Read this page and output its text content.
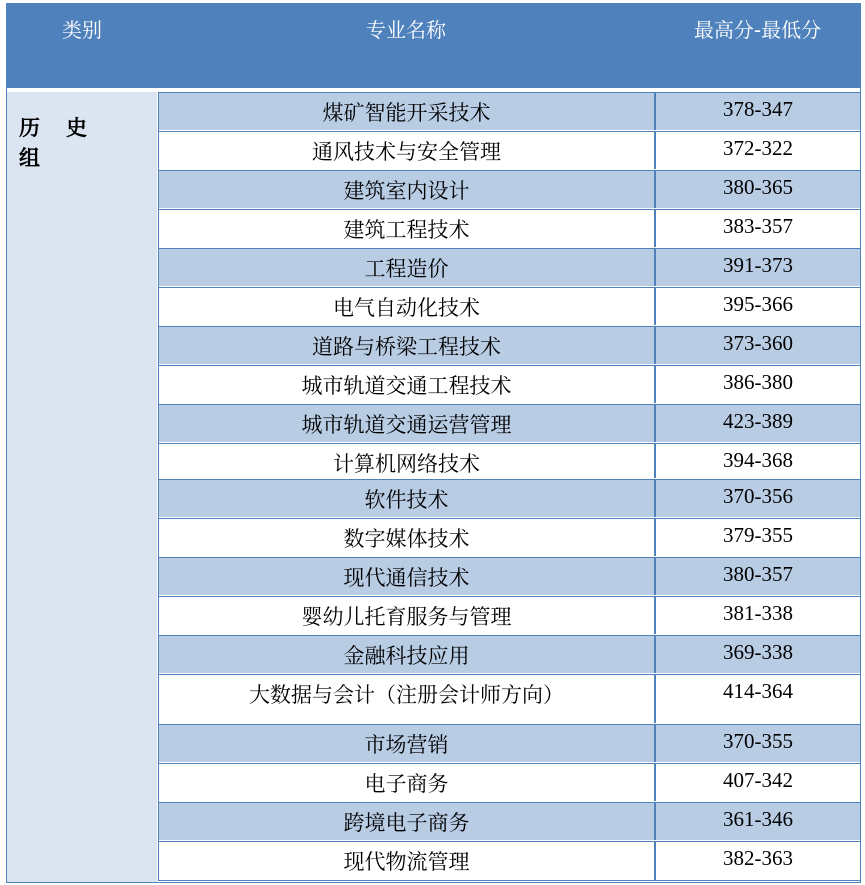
类别	专业名称	最高分-最低分
历史组
煤矿智能开采技术	378-347
通风技术与安全管理	372-322
建筑室内设计	380-365
建筑工程技术	383-357
工程造价	391-373
电气自动化技术	395-366
道路与桥梁工程技术	373-360
城市轨道交通工程技术	386-380
城市轨道交通运营管理	423-389
计算机网络技术	394-368
软件技术	370-356
数字媒体技术	379-355
现代通信技术	380-357
婴幼儿托育服务与管理	381-338
金融科技应用	369-338
大数据与会计（注册会计师方向）	414-364
市场营销	370-355
电子商务	407-342
跨境电子商务	361-346
现代物流管理	382-363
